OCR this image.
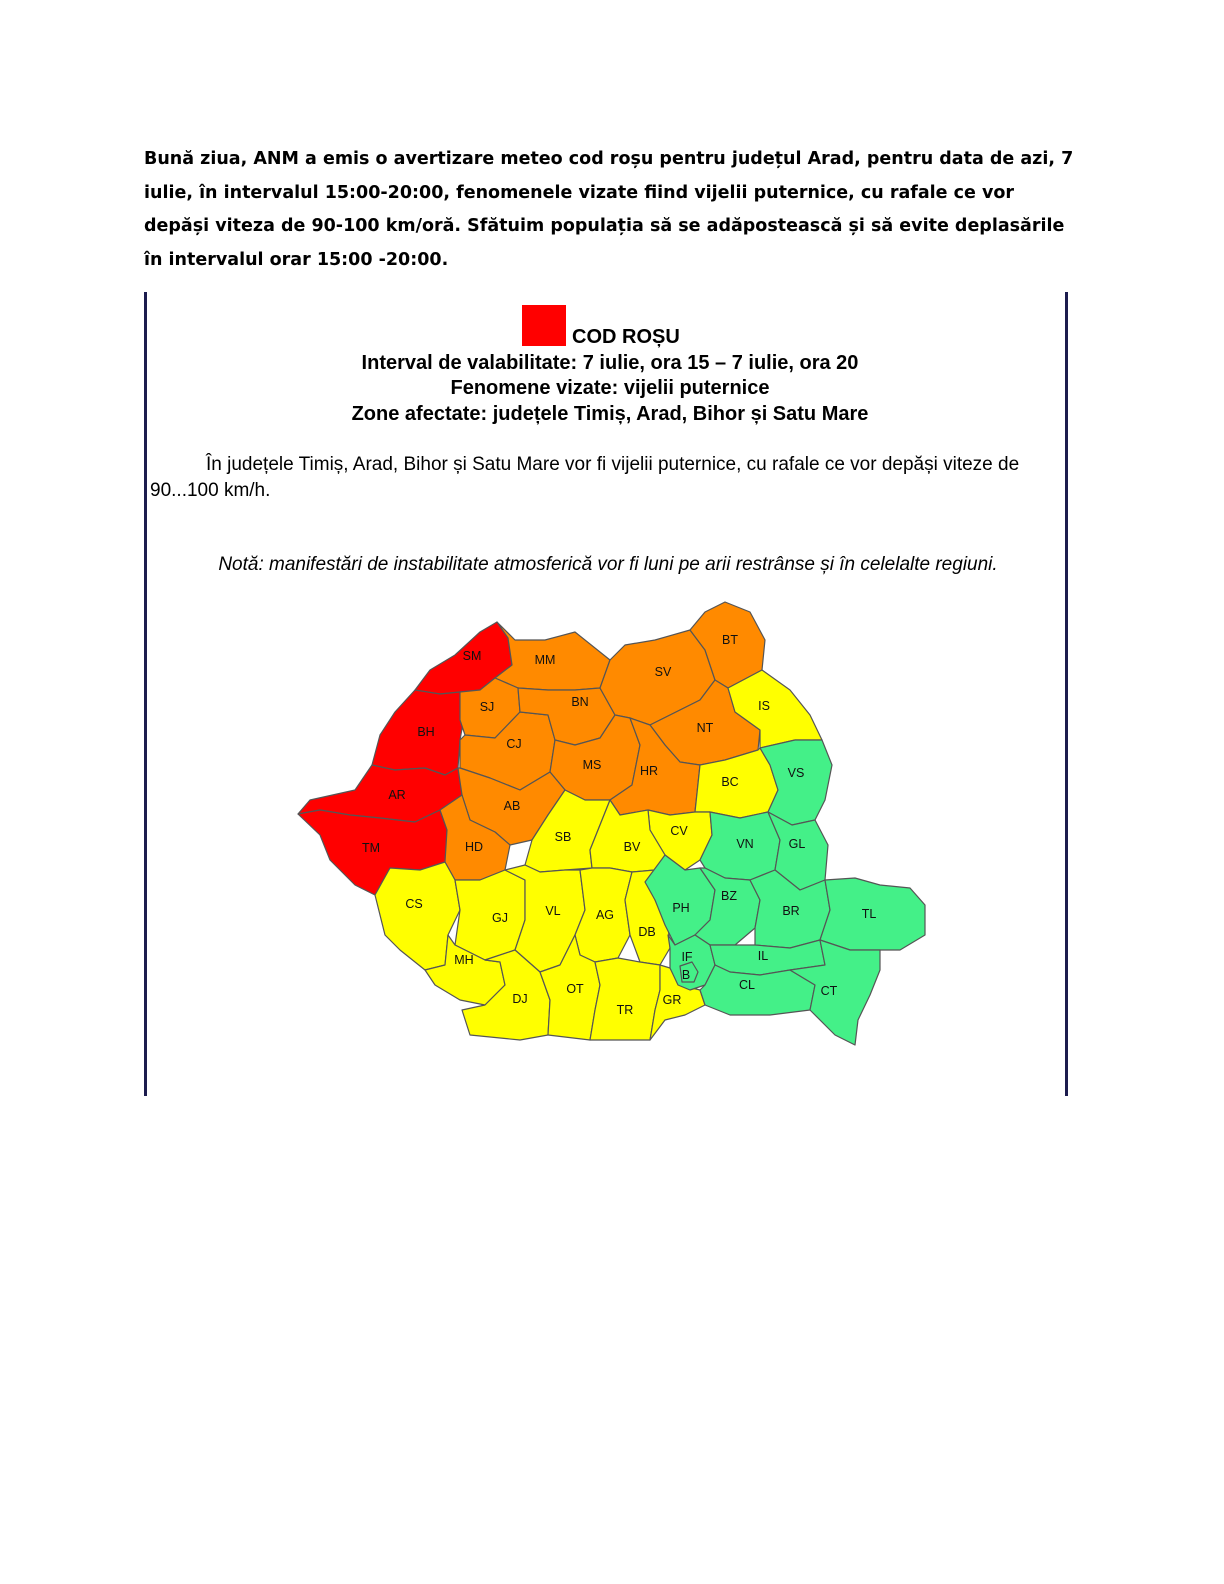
Bună ziua, ANM a emis o avertizare meteo cod roșu pentru județul Arad, pentru data de azi, 7 iulie, în intervalul 15:00-20:00, fenomenele vizate fiind vijelii puternice, cu rafale ce vor depăși viteza de 90-100 km/oră. Sfătuim populația să se adăpostească și să evite deplasările în intervalul orar 15:00 -20:00.

COD ROȘU
Interval de valabilitate: 7 iulie, ora 15 – 7 iulie, ora 20
Fenomene vizate: vijelii puternice
Zone afectate: județele Timiș, Arad, Bihor și Satu Mare

În județele Timiș, Arad, Bihor și Satu Mare vor fi vijelii puternice, cu rafale ce vor depăși viteze de 90...100 km/h.

Notă: manifestări de instabilitate atmosferică vor fi luni pe arii restrânse și în celelalte regiuni.
SM
BH
AR
TM
MM
SJ
CJ
BN
SV
BT
NT
MS	HR
AB
HD
IS
BC
CV
SB
BV
CS
GJ	VL	AG
DB
MH
DJ
OT
TR
GR
VS
VN	GL
PH
BZ
BR	TL
IF
B
IL
CL	CT
